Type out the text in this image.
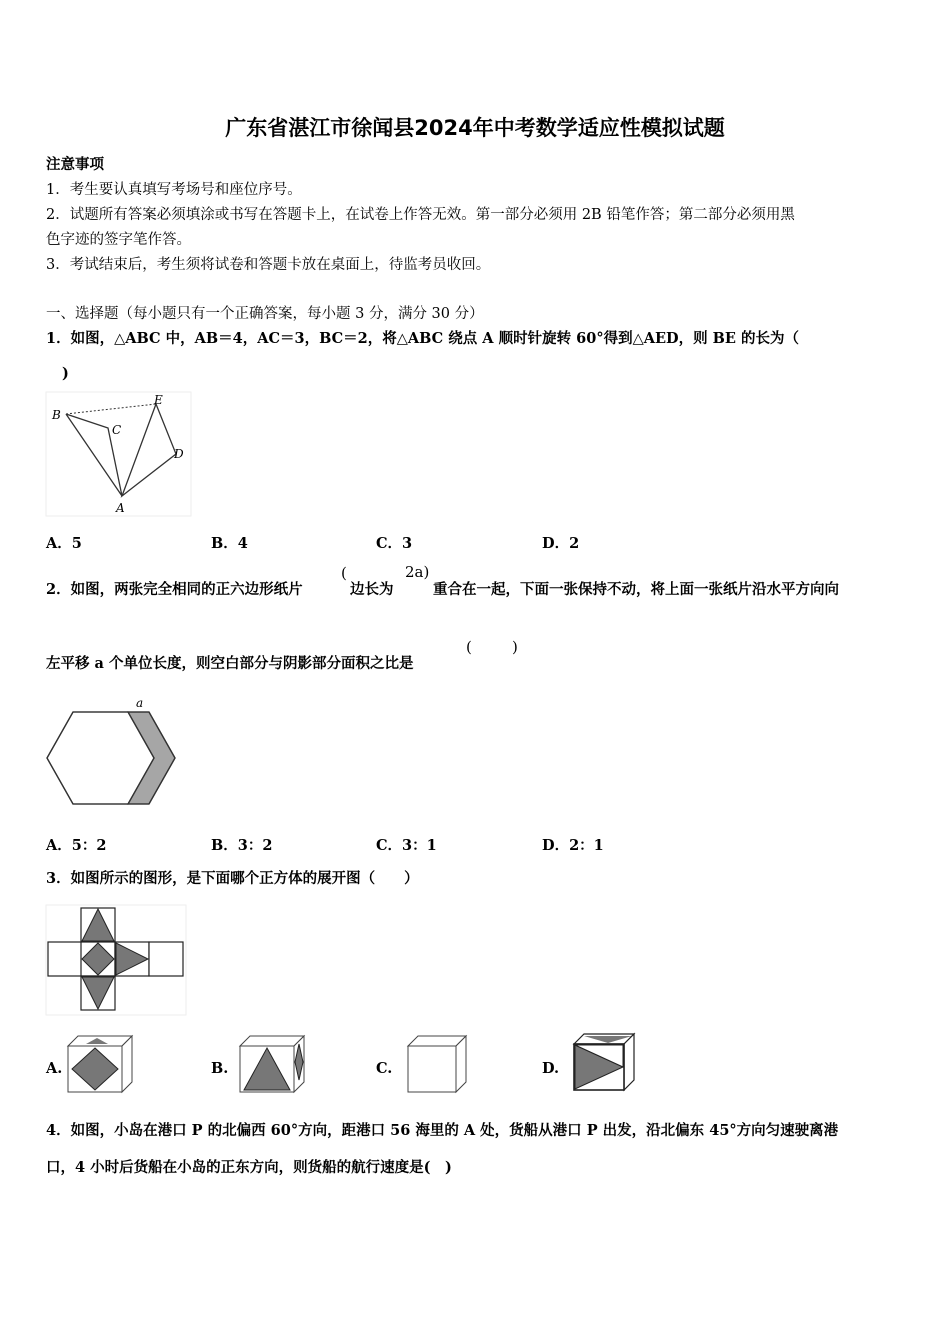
广东省湛江市徐闻县2024年中考数学适应性模拟试题
注意事项
1．考生要认真填写考场号和座位序号。
2．试题所有答案必须填涂或书写在答题卡上，在试卷上作答无效。第一部分必须用 2B 铅笔作答；第二部分必须用黑
色字迹的签字笔作答。
3．考试结束后，考生须将试卷和答题卡放在桌面上，待监考员收回。
一、选择题（每小题只有一个正确答案，每小题 3 分，满分 30 分）
1．如图，△ABC 中，AB＝4，AC＝3，BC＝2，将△ABC 绕点 A 顺时针旋转 60°得到△AED，则 BE 的长为（
)
B
E
C
D
A
A．5	B．4	C．3	D．2
2．如图，两张完全相同的正六边形纸片
(
边长为
2a)
重合在一起，下面一张保持不动，将上面一张纸片沿水平方向向
左平移 a 个单位长度，则空白部分与阴影部分面积之比是
(	)
a
A．5：2	B．3：2	C．3：1	D．2：1
3．如图所示的图形，是下面哪个正方体的展开图（　　）
A.	B.	C.	D.
4．如图，小岛在港口 P 的北偏西 60°方向，距港口 56 海里的 A 处，货船从港口 P 出发，沿北偏东 45°方向匀速驶离港
口，4 小时后货船在小岛的正东方向，则货船的航行速度是(　)
